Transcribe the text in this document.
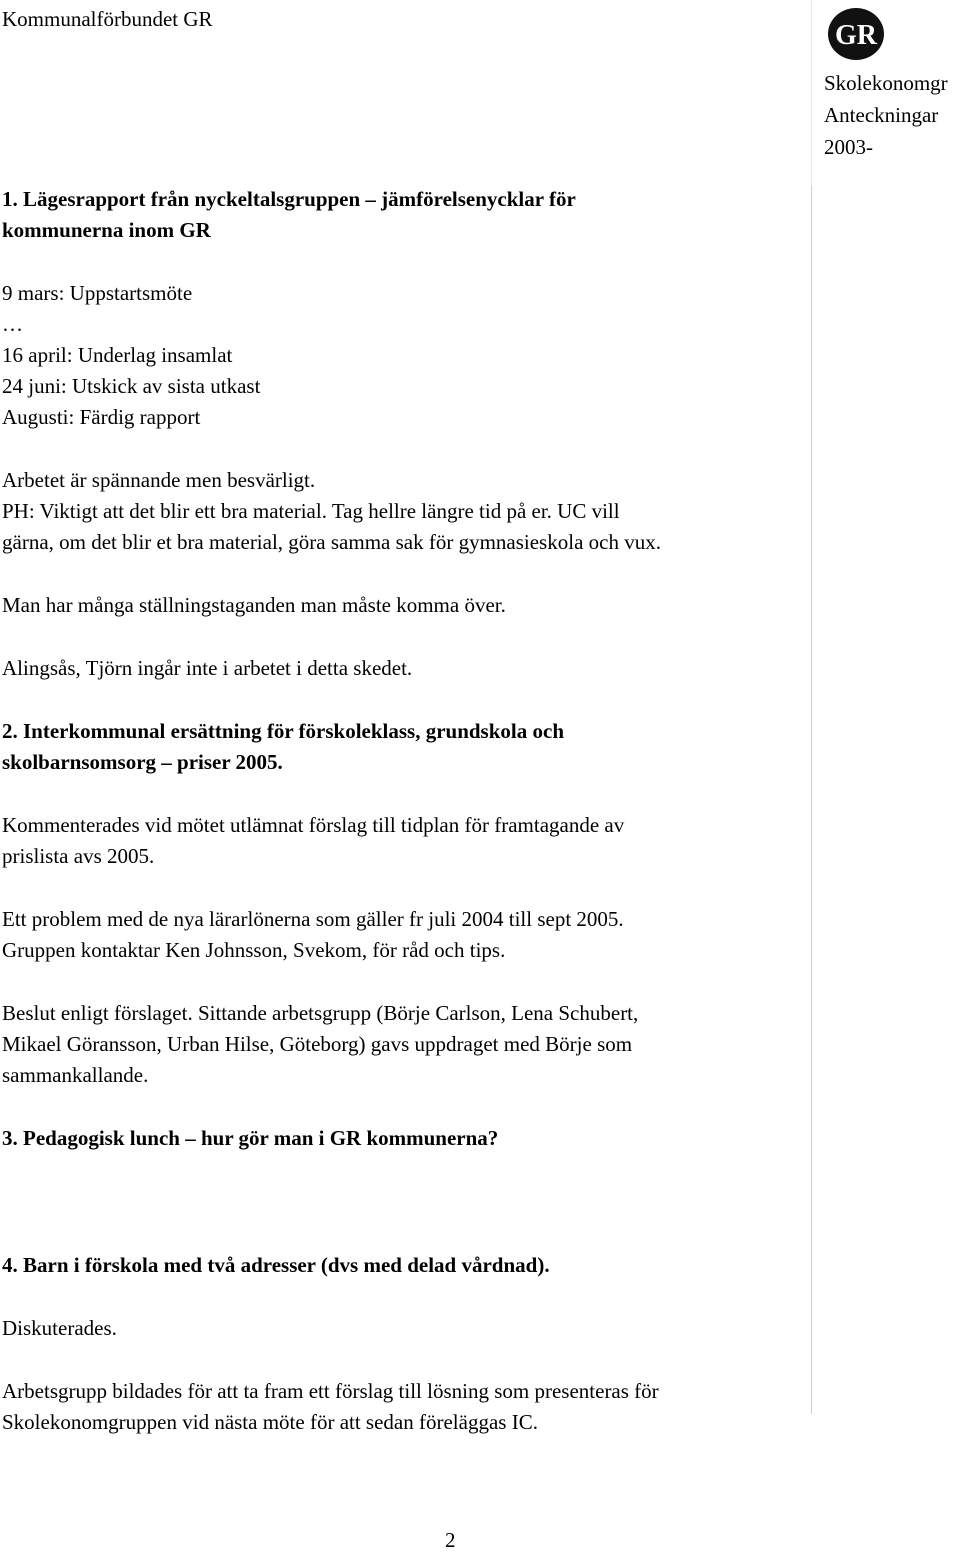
Kommunalförbundet GR
GR
Skolekonomgr
Anteckningar
2003-

1. Lägesrapport från nyckeltalsgruppen – jämförelsenycklar för
kommunerna inom GR

9 mars: Uppstartsmöte
…
16 april: Underlag insamlat
24 juni: Utskick av sista utkast
Augusti: Färdig rapport

Arbetet är spännande men besvärligt.
PH: Viktigt att det blir ett bra material. Tag hellre längre tid på er. UC vill
gärna, om det blir et bra material, göra samma sak för gymnasieskola och vux.

Man har många ställningstaganden man måste komma över.

Alingsås, Tjörn ingår inte i arbetet i detta skedet.

2. Interkommunal ersättning för förskoleklass, grundskola och
skolbarnsomsorg – priser 2005.

Kommenterades vid mötet utlämnat förslag till tidplan för framtagande av
prislista avs 2005.

Ett problem med de nya lärarlönerna som gäller fr juli 2004 till sept 2005.
Gruppen kontaktar Ken Johnsson, Svekom, för råd och tips.

Beslut enligt förslaget. Sittande arbetsgrupp (Börje Carlson, Lena Schubert,
Mikael Göransson, Urban Hilse, Göteborg) gavs uppdraget med Börje som
sammankallande.

3. Pedagogisk lunch – hur gör man i GR kommunerna?

4. Barn i förskola med två adresser (dvs med delad vårdnad).

Diskuterades.

Arbetsgrupp bildades för att ta fram ett förslag till lösning som presenteras för
Skolekonomgruppen vid nästa möte för att sedan föreläggas IC.

2
